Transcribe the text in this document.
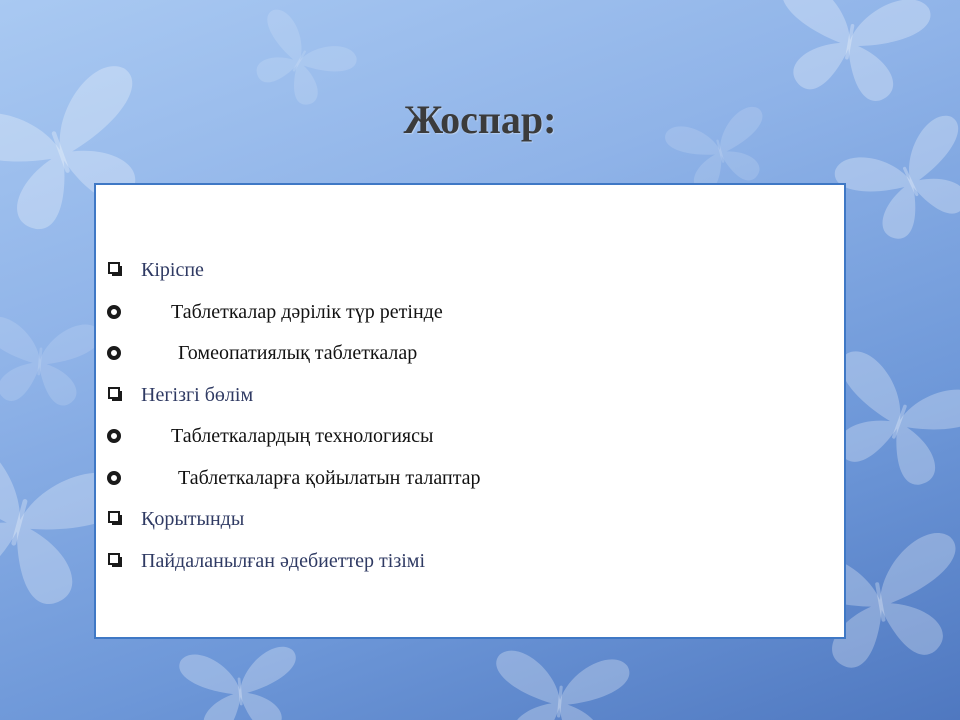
Жоспар:
Кіріспе
Таблеткалар дәрілік түр ретінде
Гомеопатиялық таблеткалар
Негізгі бөлім
Таблеткалардың технологиясы
Таблеткаларға қойылатын талаптар
Қорытынды
Пайдаланылған әдебиеттер тізімі
